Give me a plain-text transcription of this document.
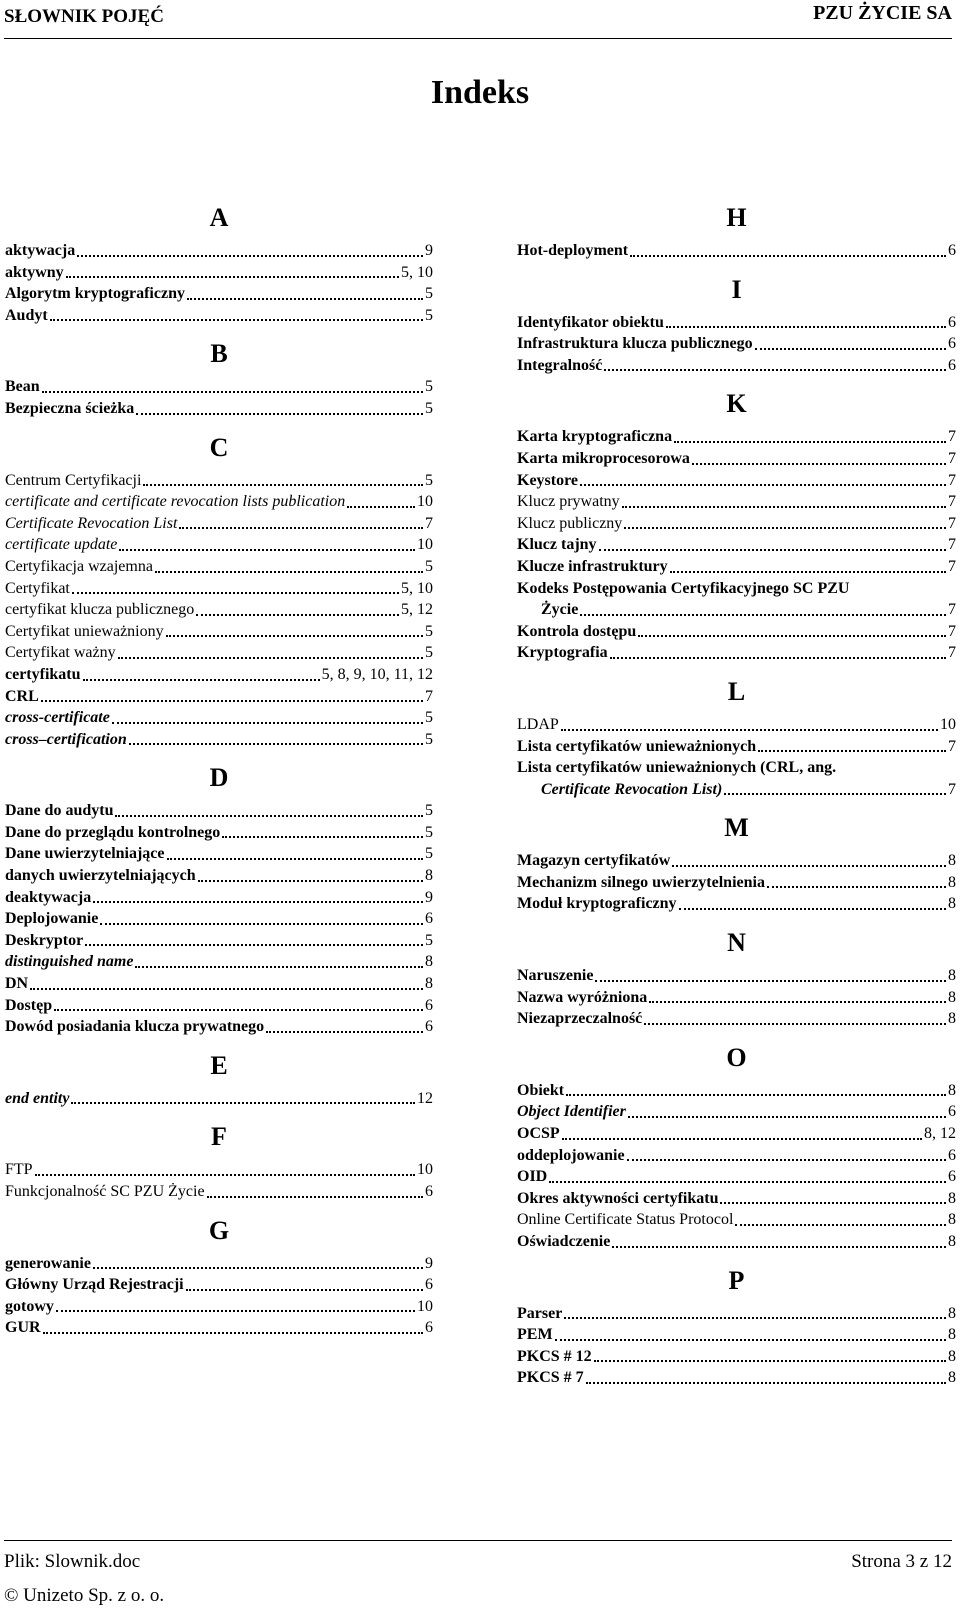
SŁOWNIK POJĘĆ	PZU ŻYCIE SA
Indeks
A
aktywacja	9
aktywny	5, 10
Algorytm kryptograficzny	5
Audyt	5
B
Bean	5
Bezpieczna ścieżka	5
C
Centrum Certyfikacji	5
certificate and certificate revocation lists publication	10
Certificate Revocation List	7
certificate update	10
Certyfikacja wzajemna	5
Certyfikat	5, 10
certyfikat klucza publicznego	5, 12
Certyfikat unieważniony	5
Certyfikat ważny	5
certyfikatu	5, 8, 9, 10, 11, 12
CRL	7
cross-certificate	5
cross–certification	5
D
Dane do audytu	5
Dane do przeglądu kontrolnego	5
Dane uwierzytelniające	5
danych uwierzytelniających	8
deaktywacja	9
Deplojowanie	6
Deskryptor	5
distinguished name	8
DN	8
Dostęp	6
Dowód posiadania klucza prywatnego	6
E
end entity	12
F
FTP	10
Funkcjonalność SC PZU Życie	6
G
generowanie	9
Główny Urząd Rejestracji	6
gotowy	10
GUR	6
H
Hot-deployment	6
I
Identyfikator obiektu	6
Infrastruktura klucza publicznego	6
Integralność	6
K
Karta kryptograficzna	7
Karta mikroprocesorowa	7
Keystore	7
Klucz prywatny	7
Klucz publiczny	7
Klucz tajny	7
Klucze infrastruktury	7
Kodeks Postępowania Certyfikacyjnego SC PZU
Życie	7
Kontrola dostępu	7
Kryptografia	7
L
LDAP	10
Lista certyfikatów unieważnionych	7
Lista certyfikatów unieważnionych (CRL, ang.
Certificate Revocation List)	7
M
Magazyn certyfikatów	8
Mechanizm silnego uwierzytelnienia	8
Moduł kryptograficzny	8
N
Naruszenie	8
Nazwa wyróżniona	8
Niezaprzeczalność	8
O
Obiekt	8
Object Identifier	6
OCSP	8, 12
oddeplojowanie	6
OID	6
Okres aktywności certyfikatu	8
Online Certificate Status Protocol	8
Oświadczenie	8
P
Parser	8
PEM	8
PKCS # 12	8
PKCS # 7	8
Plik: Slownik.doc	Strona 3 z 12
© Unizeto Sp. z o. o.
